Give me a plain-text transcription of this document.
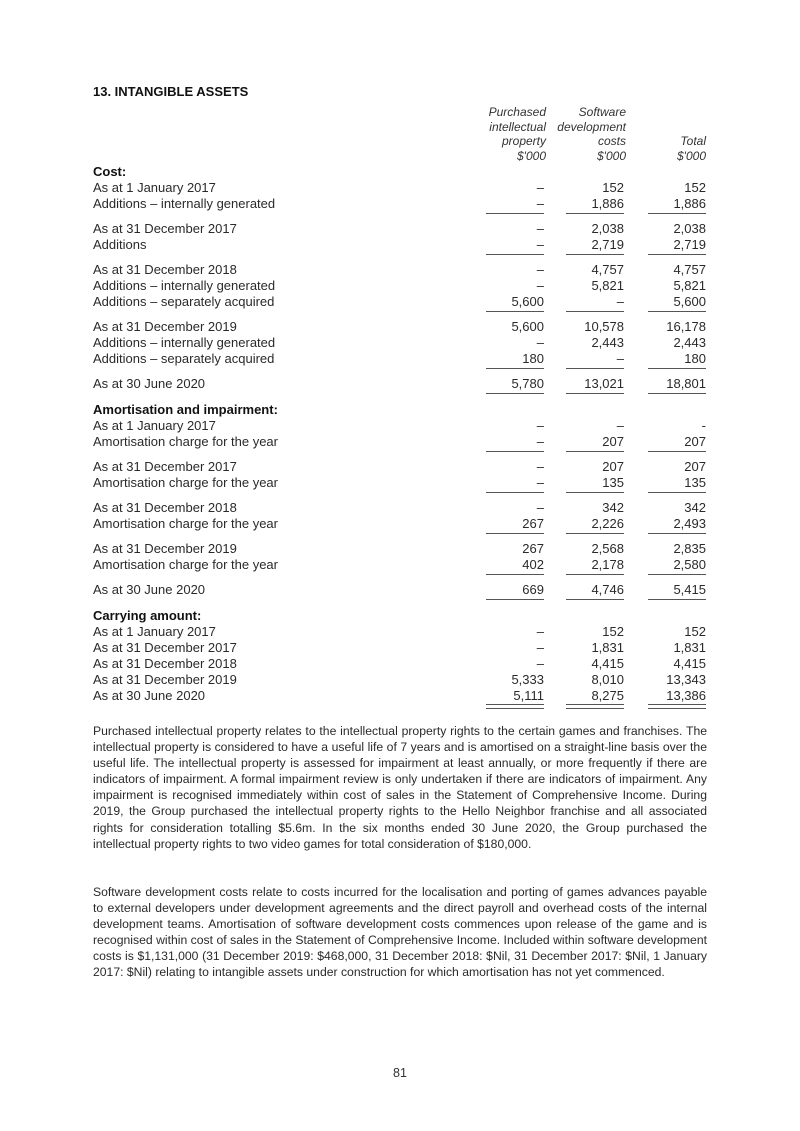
13. INTANGIBLE ASSETS
Purchased
intellectual
property
$'000
Software
development
costs
$'000
Total
$'000
Cost:
As at 1 January 2017	–	152	152
Additions – internally generated	–	1,886	1,886
As at 31 December 2017	–	2,038	2,038
Additions	–	2,719	2,719
As at 31 December 2018	–	4,757	4,757
Additions – internally generated	–	5,821	5,821
Additions – separately acquired	5,600	–	5,600
As at 31 December 2019	5,600	10,578	16,178
Additions – internally generated	–	2,443	2,443
Additions – separately acquired	180	–	180
As at 30 June 2020	5,780	13,021	18,801
Amortisation and impairment:
As at 1 January 2017	–	–	-
Amortisation charge for the year	–	207	207
As at 31 December 2017	–	207	207
Amortisation charge for the year	–	135	135
As at 31 December 2018	–	342	342
Amortisation charge for the year	267	2,226	2,493
As at 31 December 2019	267	2,568	2,835
Amortisation charge for the year	402	2,178	2,580
As at 30 June 2020	669	4,746	5,415
Carrying amount:
As at 1 January 2017	–	152	152
As at 31 December 2017	–	1,831	1,831
As at 31 December 2018	–	4,415	4,415
As at 31 December 2019	5,333	8,010	13,343
As at 30 June 2020	5,111	8,275	13,386

Purchased intellectual property relates to the intellectual property rights to the certain games and franchises. The intellectual property is considered to have a useful life of 7 years and is amortised on a straight-line basis over the useful life. The intellectual property is assessed for impairment at least annually, or more frequently if there are indicators of impairment. A formal impairment review is only undertaken if there are indicators of impairment. Any impairment is recognised immediately within cost of sales in the Statement of Comprehensive Income. During 2019, the Group purchased the intellectual property rights to the Hello Neighbor franchise and all associated rights for consideration totalling $5.6m. In the six months ended 30 June 2020, the Group purchased the intellectual property rights to two video games for total consideration of $180,000.

Software development costs relate to costs incurred for the localisation and porting of games advances payable to external developers under development agreements and the direct payroll and overhead costs of the internal development teams. Amortisation of software development costs commences upon release of the game and is recognised within cost of sales in the Statement of Comprehensive Income. Included within software development costs is $1,131,000 (31 December 2019: $468,000, 31 December 2018: $Nil, 31 December 2017: $Nil, 1 January 2017: $Nil) relating to intangible assets under construction for which amortisation has not yet commenced.

81
